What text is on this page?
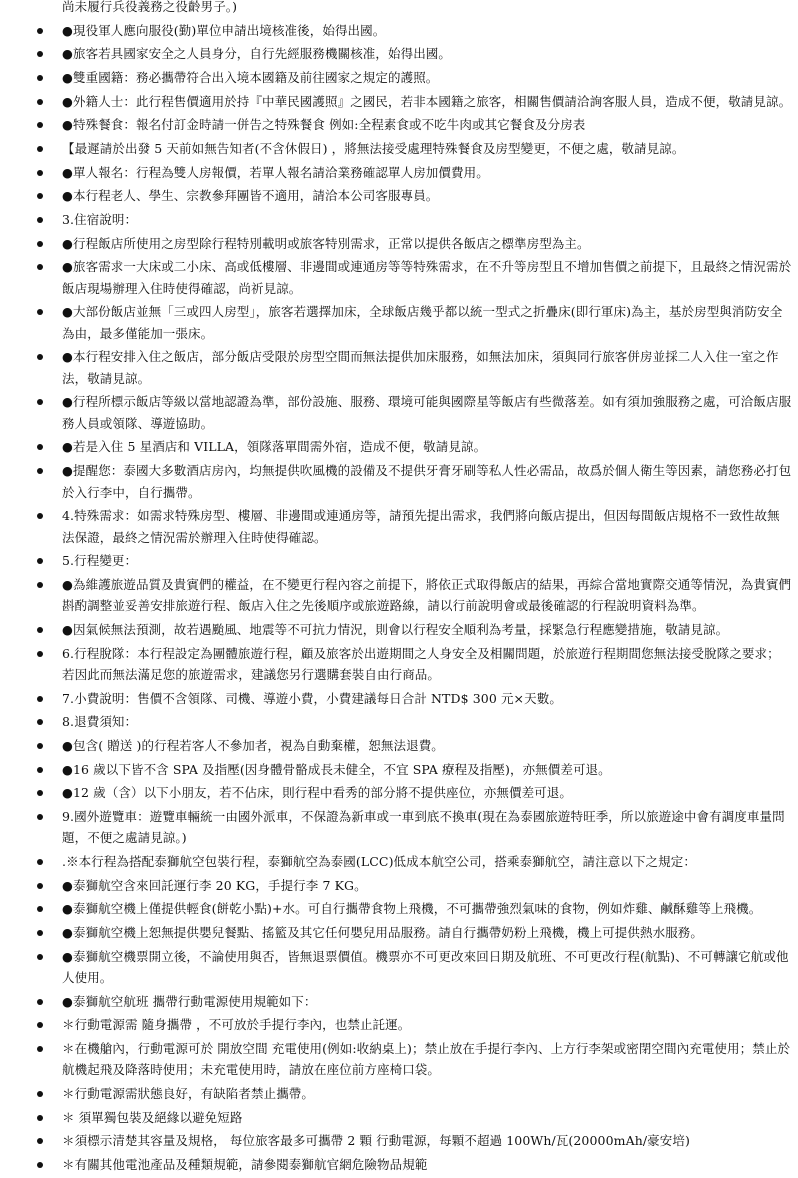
尚未履行兵役義務之役齡男子。)
●現役軍人應向服役(勤)單位申請出境核准後，始得出國。
●旅客若具國家安全之人員身分，自行先經服務機關核准，始得出國。
●雙重國籍：務必攜帶符合出入境本國籍及前往國家之規定的護照。
●外籍人士：此行程售價適用於持『中華民國護照』之國民，若非本國籍之旅客，相關售價請洽詢客服人員，造成不便，敬請見諒。
●特殊餐食：報名付訂金時請一併告之特殊餐食 例如:全程素食或不吃牛肉或其它餐食及分房表
【最遲請於出發 5 天前如無告知者(不含休假日) ，將無法接受處理特殊餐食及房型變更，不便之處，敬請見諒。
●單人報名：行程為雙人房報價，若單人報名請洽業務確認單人房加價費用。
●本行程老人、學生、宗教參拜團皆不適用，請洽本公司客服專員。
3.住宿說明：
●行程飯店所使用之房型除行程特別載明或旅客特別需求，正常以提供各飯店之標準房型為主。
●旅客需求一大床或二小床、高或低樓層、非邊間或連通房等等特殊需求，在不升等房型且不增加售價之前提下，且最終之情況需於飯店現場辦理入住時使得確認，尚祈見諒。
●大部份飯店並無「三或四人房型」，旅客若選擇加床，全球飯店幾乎都以統一型式之折疊床(即行軍床)為主，基於房型與消防安全為由，最多僅能加一張床。
●本行程安排入住之飯店，部分飯店受限於房型空間而無法提供加床服務，如無法加床，須與同行旅客併房並採二人入住一室之作法，敬請見諒。
●行程所標示飯店等級以當地認證為準，部份設施、服務、環境可能與國際星等飯店有些微落差。如有須加強服務之處，可洽飯店服務人員或領隊、導遊協助。
●若是入住 5 星酒店和 VILLA，領隊落單間需外宿，造成不便，敬請見諒。
●提醒您：泰國大多數酒店房內，均無提供吹風機的設備及不提供牙膏牙刷等私人性必需品，故爲於個人衛生等因素，請您務必打包於入行李中，自行攜帶。
4.特殊需求：如需求特殊房型、樓層、非邊間或連通房等，請預先提出需求，我們將向飯店提出，但因每間飯店規格不一致性故無法保證，最終之情況需於辦理入住時使得確認。
5.行程變更：
●為維護旅遊品質及貴賓們的權益，在不變更行程內容之前提下，將依正式取得飯店的結果，再綜合當地實際交通等情況，為貴賓們斟酌調整並妥善安排旅遊行程、飯店入住之先後順序或旅遊路線，請以行前說明會或最後確認的行程說明資料為準。
●因氣候無法預測，故若遇颱風、地震等不可抗力情況，則會以行程安全順利為考量，採緊急行程應變措施，敬請見諒。
6.行程脫隊：本行程設定為團體旅遊行程，顧及旅客於出遊期間之人身安全及相關問題，於旅遊行程期間您無法接受脫隊之要求；若因此而無法滿足您的旅遊需求，建議您另行選購套裝自由行商品。
7.小費說明：售價不含領隊、司機、導遊小費，小費建議每日合計 NTD$ 300 元×天數。
8.退費須知：
●包含( 贈送 )的行程若客人不參加者，視為自動棄權，恕無法退費。
●16 歲以下皆不含 SPA 及指壓(因身體骨骼成長未健全，不宜 SPA 療程及指壓)，亦無價差可退。
●12 歲（含）以下小朋友，若不佔床，則行程中看秀的部分將不提供座位，亦無價差可退。
9.國外遊覽車：遊覽車輛統一由國外派車，不保證為新車或一車到底不換車(現在為泰國旅遊特旺季，所以旅遊途中會有調度車量問題，不便之處請見諒。)
.※本行程為搭配泰獅航空包裝行程，泰獅航空為泰國(LCC)低成本航空公司，搭乘泰獅航空，請注意以下之規定：
●泰獅航空含來回託運行李 20 KG，手提行李 7 KG。
●泰獅航空機上僅提供輕食(餅乾小點)+水。可自行攜帶食物上飛機，不可攜帶強烈氣味的食物，例如炸雞、鹹酥雞等上飛機。
●泰獅航空機上恕無提供嬰兒餐點、搖籃及其它任何嬰兒用品服務。請自行攜帶奶粉上飛機，機上可提供熱水服務。
●泰獅航空機票開立後，不論使用與否，皆無退票價值。機票亦不可更改來回日期及航班、不可更改行程(航點)、不可轉讓它航或他人使用。
●泰獅航空航班 攜帶行動電源使用規範如下：
＊行動電源需 隨身攜帶 ，不可放於手提行李內，也禁止託運。
＊在機艙內，行動電源可於 開放空間 充電使用(例如:收納桌上)；禁止放在手提行李內、上方行李架或密閉空間內充電使用；禁止於航機起飛及降落時使用；未充電使用時，請放在座位前方座椅口袋。
＊行動電源需狀態良好，有缺陷者禁止攜帶。
＊ 須單獨包裝及絕緣以避免短路
＊須標示清楚其容量及規格， 每位旅客最多可攜帶 2 顆 行動電源，每顆不超過 100Wh/瓦(20000mAh/豪安培)
＊有關其他電池產品及種類規範，請參閱泰獅航官網危險物品規範
